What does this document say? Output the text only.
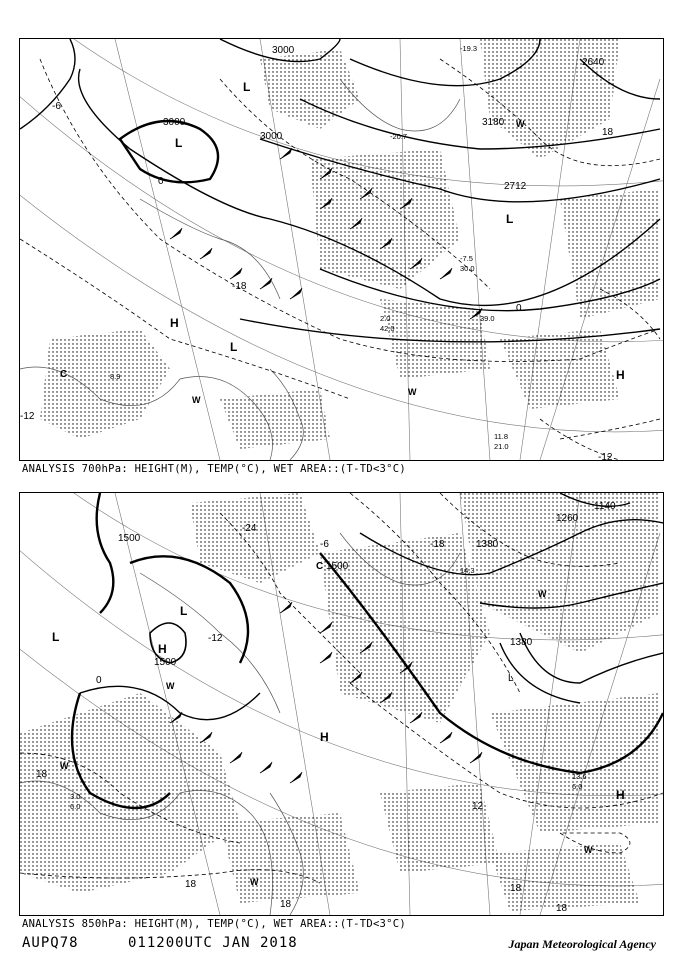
3000
3000
3000
2640
2712
3180
-18
-12
-12
-6
0
0
18
L
L
L
L
H
H
W
W
W
C
-19.3
-20.7
8.9
11.8
21.0
39.0
2.0
42.0
-7.5
30.0
ANALYSIS 700hPa: HEIGHT(M), TEMP(°C), WET AREA::(T-TD<3°C)
1500
1500
1500
1380
1380
1260
1140
-24
-18
-6
-12
0
12
18
18
18
18
18
L
L
L
H
H
H
W
W
W
W
W
C
13.6
6.0
3.0
6.0
14.3
ANALYSIS 850hPa: HEIGHT(M), TEMP(°C), WET AREA::(T-TD<3°C)
AUPQ78	011200UTC JAN 2018	Japan Meteorological Agency
